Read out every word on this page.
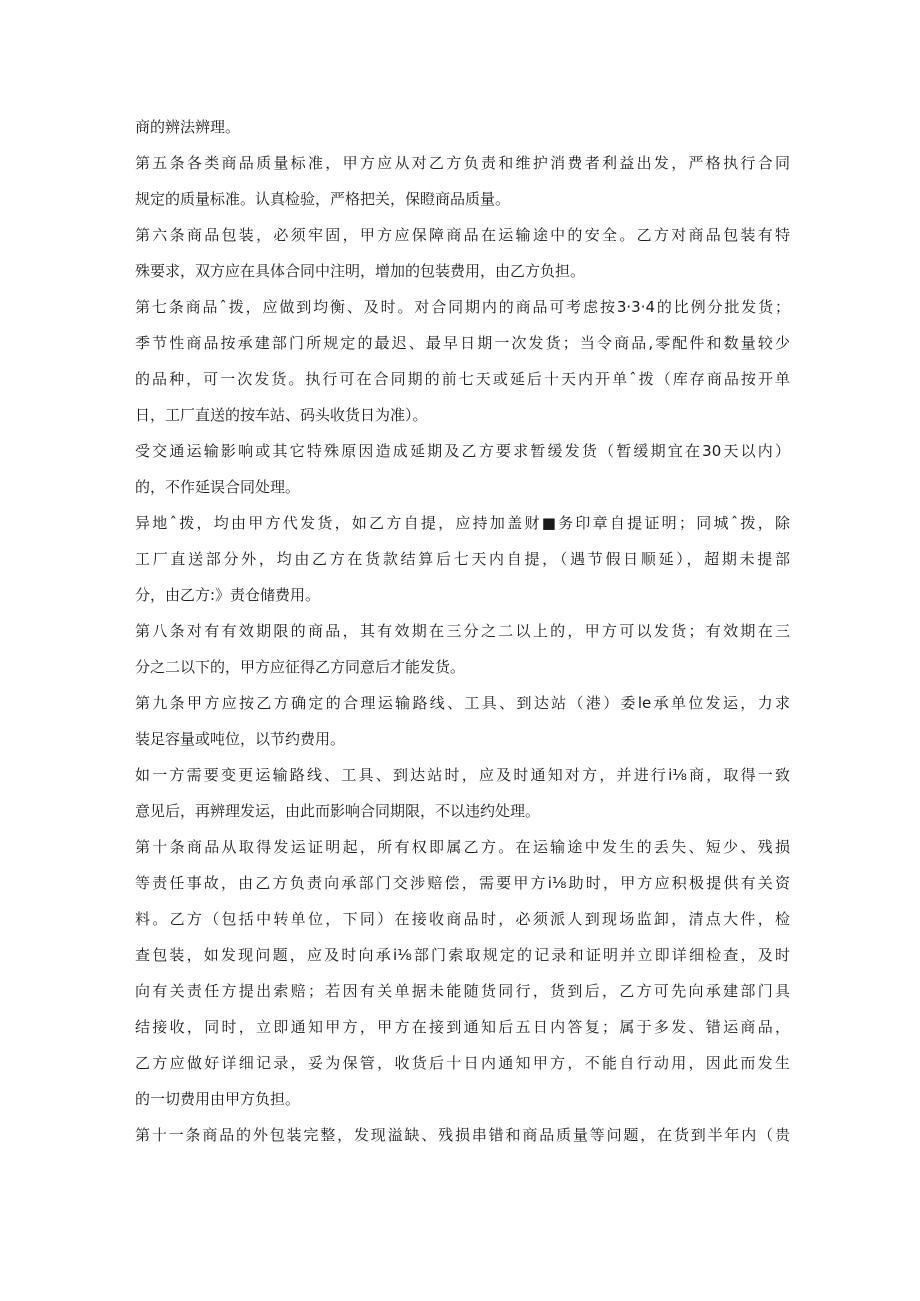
商的辨法辨理。
第五条各类商品质量标准，甲方应从对乙方负责和维护消费者利益出发，严格执行合同
规定的质量标准。认真检验，严格把关，保瞪商品质量。
第六条商品包装，必须牢固，甲方应保障商品在运输途中的安全。乙方对商品包装有特
殊要求，双方应在具体合同中注明，增加的包装费用，由乙方负担。
第七条商品ˆ拨，应做到均衡、及时。对合同期内的商品可考虑按3·3·4的比例分批发货；
季节性商品按承建部门所规定的最迟、最早日期一次发货；当令商品,零配件和数量较少
的品种，可一次发货。执行可在合同期的前七天或延后十天内开单ˆ拨（库存商品按开单
日，工厂直送的按车站、码头收货日为准）。
受交通运输影响或其它特殊原因造成延期及乙方要求暂缓发货（暂缓期宜在30天以内）
的，不作延误合同处理。
异地ˆ拨，均由甲方代发货，如乙方自提，应持加盖财■务印章自提证明；同城ˆ拨，除
工厂直送部分外，均由乙方在货款结算后七天内自提，（遇节假日顺延），超期未提部
分，由乙方:》责仓储费用。
第八条对有有效期限的商品，其有效期在三分之二以上的，甲方可以发货；有效期在三
分之二以下的，甲方应征得乙方同意后才能发货。
第九条甲方应按乙方确定的合理运输路线、工具、到达站（港）委le承单位发运，力求
装足容量或吨位，以节约费用。
如一方需要变更运输路线、工具、到达站时，应及时通知对方，并进行i⅛商，取得一致
意见后，再辨理发运，由此而影响合同期限，不以违约处理。
第十条商品从取得发运证明起，所有权即属乙方。在运输途中发生的丢失、短少、残损
等责任事故，由乙方负责向承部门交涉赔偿，需要甲方i⅛助时，甲方应积极提供有关资
料。乙方（包括中转单位，下同）在接收商品时，必须派人到现场监卸，清点大件，检
查包装，如发现问题，应及时向承i⅛部门索取规定的记录和证明并立即详细检查，及时
向有关责任方提出索赔；若因有关单据未能随货同行，货到后，乙方可先向承建部门具
结接收，同时，立即通知甲方，甲方在接到通知后五日内答复；属于多发、错运商品，
乙方应做好详细记录，妥为保管，收货后十日内通知甲方，不能自行动用，因此而发生
的一切费用由甲方负担。
第十一条商品的外包装完整，发现溢缺、残损串错和商品质量等问题，在货到半年内（贵
